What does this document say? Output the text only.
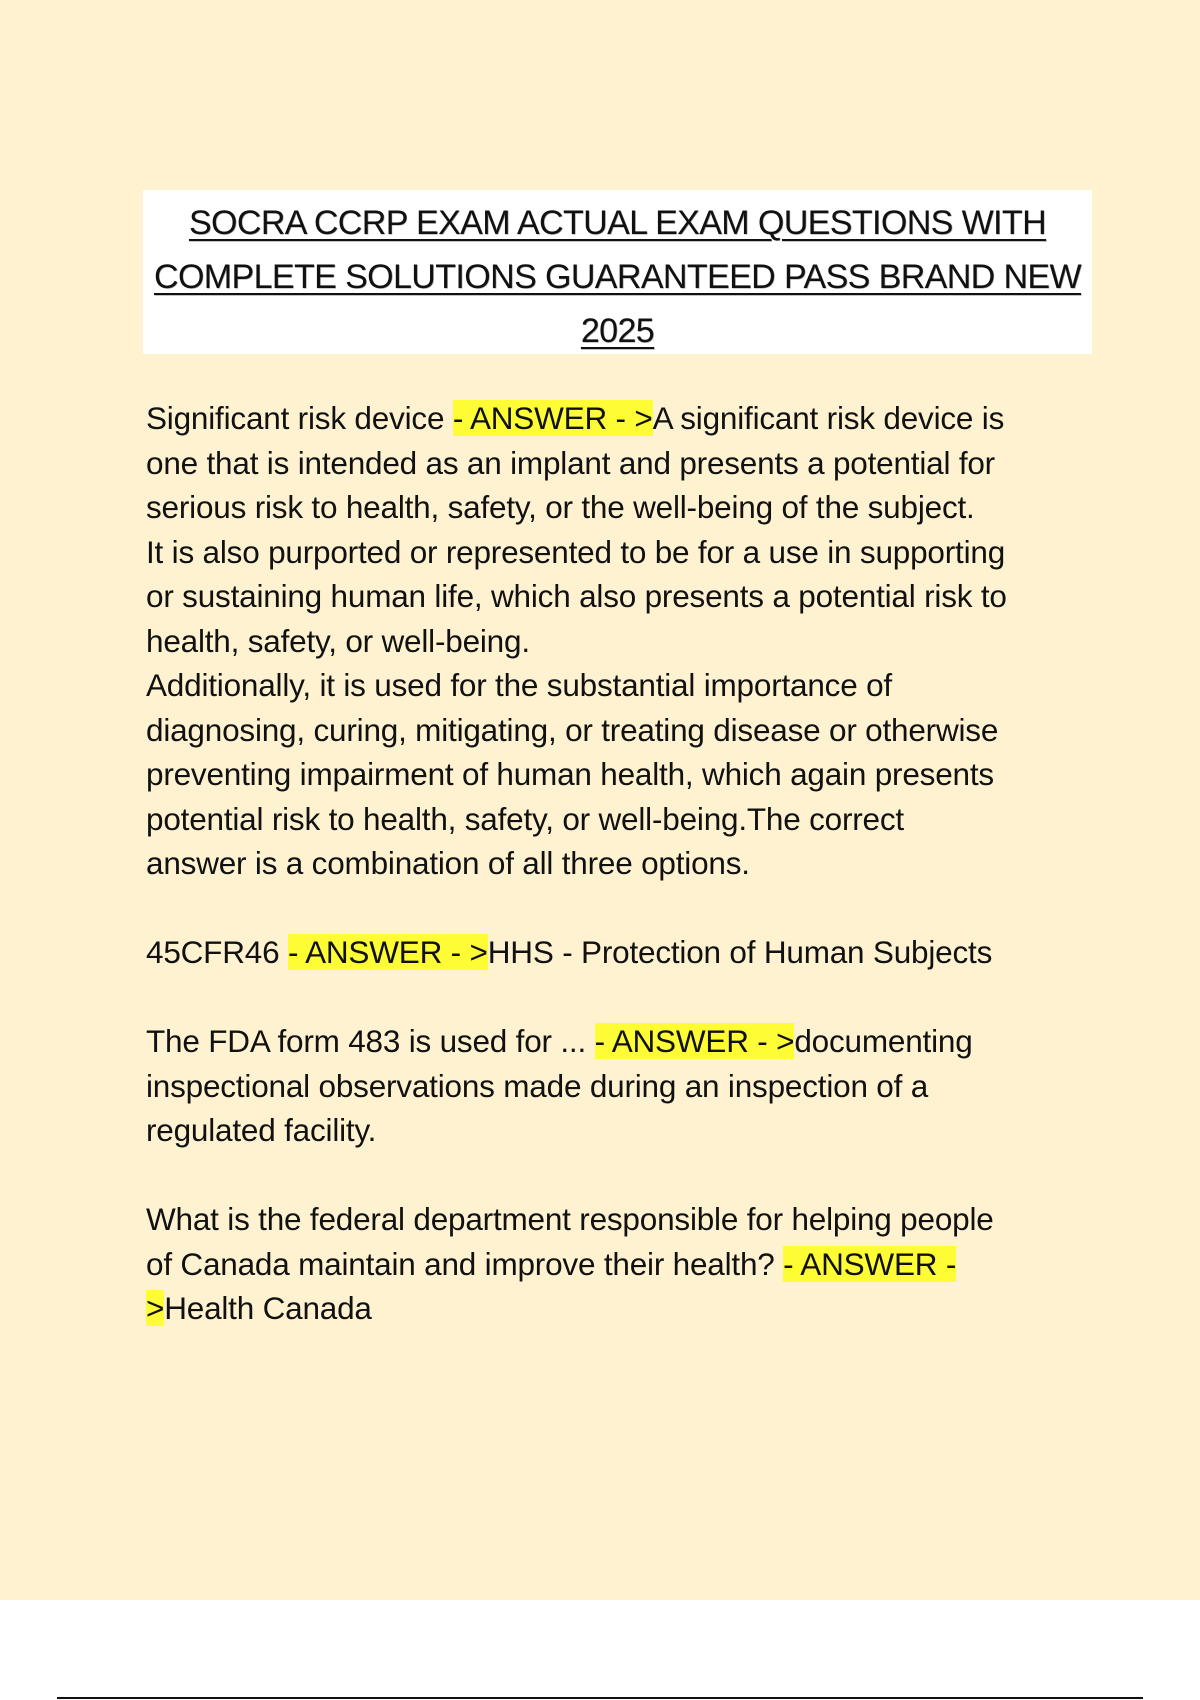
SOCRA CCRP EXAM ACTUAL EXAM QUESTIONS WITH
COMPLETE SOLUTIONS GUARANTEED PASS BRAND NEW
2025
Significant risk device - ANSWER - >A significant risk device is
one that is intended as an implant and presents a potential for
serious risk to health, safety, or the well-being of the subject.
It is also purported or represented to be for a use in supporting
or sustaining human life, which also presents a potential risk to
health, safety, or well-being.
Additionally, it is used for the substantial importance of
diagnosing, curing, mitigating, or treating disease or otherwise
preventing impairment of human health, which again presents
potential risk to health, safety, or well-being.The correct
answer is a combination of all three options.
45CFR46 - ANSWER - >HHS - Protection of Human Subjects
The FDA form 483 is used for ... - ANSWER - >documenting
inspectional observations made during an inspection of a
regulated facility.
What is the federal department responsible for helping people
of Canada maintain and improve their health? - ANSWER -
>Health Canada
